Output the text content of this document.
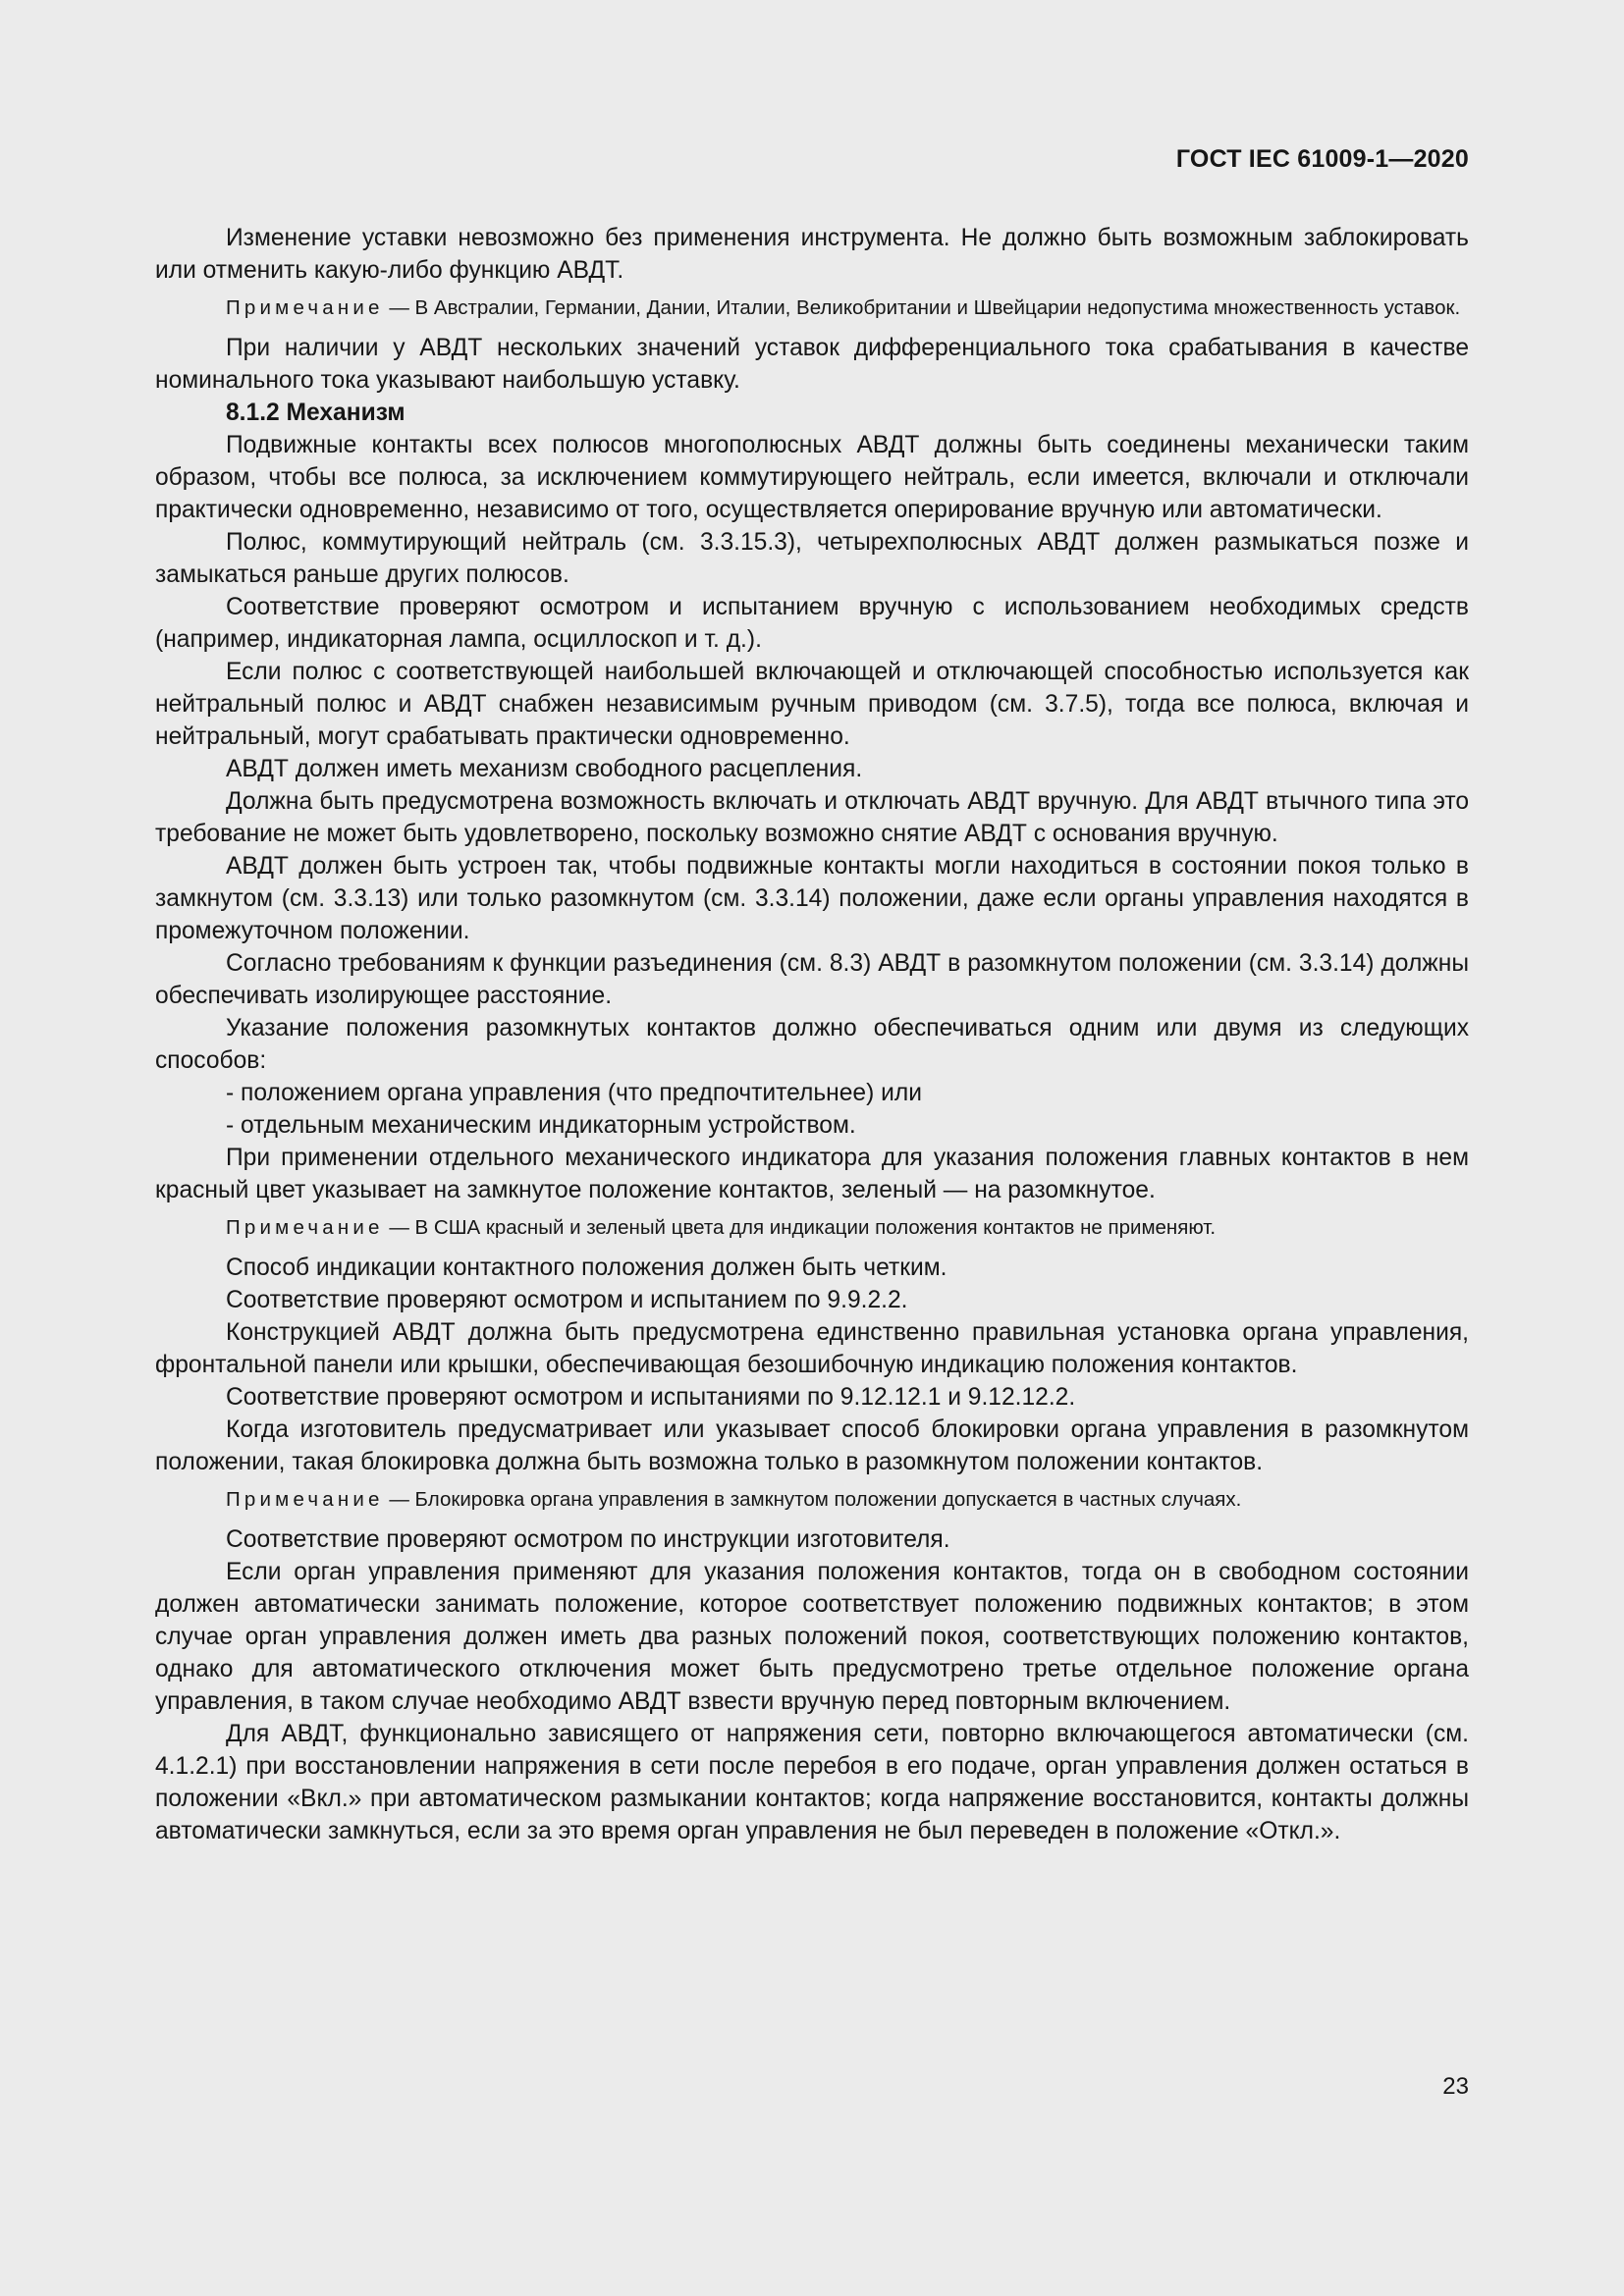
ГОСТ IEC 61009-1—2020

Изменение уставки невозможно без применения инструмента. Не должно быть возможным заблокировать или отменить какую-либо функцию АВДТ.

Примечание — В Австралии, Германии, Дании, Италии, Великобритании и Швейцарии недопустима множественность уставок.

При наличии у АВДТ нескольких значений уставок дифференциального тока срабатывания в качестве номинального тока указывают наибольшую уставку.

8.1.2 Механизм

Подвижные контакты всех полюсов многополюсных АВДТ должны быть соединены механически таким образом, чтобы все полюса, за исключением коммутирующего нейтраль, если имеется, включали и отключали практически одновременно, независимо от того, осуществляется оперирование вручную или автоматически.

Полюс, коммутирующий нейтраль (см. 3.3.15.3), четырехполюсных АВДТ должен размыкаться позже и замыкаться раньше других полюсов.

Соответствие проверяют осмотром и испытанием вручную с использованием необходимых средств (например, индикаторная лампа, осциллоскоп и т. д.).

Если полюс с соответствующей наибольшей включающей и отключающей способностью используется как нейтральный полюс и АВДТ снабжен независимым ручным приводом (см. 3.7.5), тогда все полюса, включая и нейтральный, могут срабатывать практически одновременно.

АВДТ должен иметь механизм свободного расцепления.

Должна быть предусмотрена возможность включать и отключать АВДТ вручную. Для АВДТ втычного типа это требование не может быть удовлетворено, поскольку возможно снятие АВДТ с основания вручную.

АВДТ должен быть устроен так, чтобы подвижные контакты могли находиться в состоянии покоя только в замкнутом (см. 3.3.13) или только разомкнутом (см. 3.3.14) положении, даже если органы управления находятся в промежуточном положении.

Согласно требованиям к функции разъединения (см. 8.3) АВДТ в разомкнутом положении (см. 3.3.14) должны обеспечивать изолирующее расстояние.

Указание положения разомкнутых контактов должно обеспечиваться одним или двумя из следующих способов:

- положением органа управления (что предпочтительнее) или

- отдельным механическим индикаторным устройством.

При применении отдельного механического индикатора для указания положения главных контактов в нем красный цвет указывает на замкнутое положение контактов, зеленый — на разомкнутое.

Примечание — В США красный и зеленый цвета для индикации положения контактов не применяют.

Способ индикации контактного положения должен быть четким.

Соответствие проверяют осмотром и испытанием по 9.9.2.2.

Конструкцией АВДТ должна быть предусмотрена единственно правильная установка органа управления, фронтальной панели или крышки, обеспечивающая безошибочную индикацию положения контактов.

Соответствие проверяют осмотром и испытаниями по 9.12.12.1 и 9.12.12.2.

Когда изготовитель предусматривает или указывает способ блокировки органа управления в разомкнутом положении, такая блокировка должна быть возможна только в разомкнутом положении контактов.

Примечание — Блокировка органа управления в замкнутом положении допускается в частных случаях.

Соответствие проверяют осмотром по инструкции изготовителя.

Если орган управления применяют для указания положения контактов, тогда он в свободном состоянии должен автоматически занимать положение, которое соответствует положению подвижных контактов; в этом случае орган управления должен иметь два разных положений покоя, соответствующих положению контактов, однако для автоматического отключения может быть предусмотрено третье отдельное положение органа управления, в таком случае необходимо АВДТ взвести вручную перед повторным включением.

Для АВДТ, функционально зависящего от напряжения сети, повторно включающегося автоматически (см. 4.1.2.1) при восстановлении напряжения в сети после перебоя в его подаче, орган управления должен остаться в положении «Вкл.» при автоматическом размыкании контактов; когда напряжение восстановится, контакты должны автоматически замкнуться, если за это время орган управления не был переведен в положение «Откл.».

23
